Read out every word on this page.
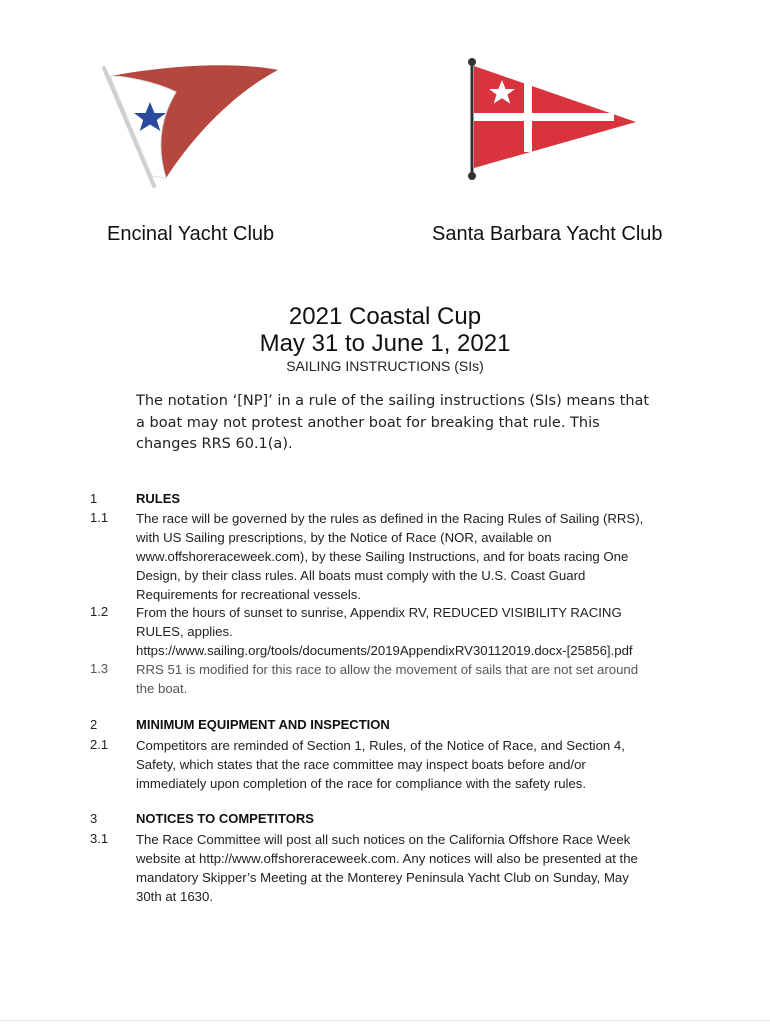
Encinal Yacht Club	Santa Barbara Yacht Club
2021 Coastal Cup
May 31 to June 1, 2021
SAILING INSTRUCTIONS (SIs)
The notation ‘[NP]’ in a rule of the sailing instructions (SIs) means that
a boat may not protest another boat for breaking that rule. This
changes RRS 60.1(a).
1	RULES
1.1 The race will be governed by the rules as defined in the Racing Rules of Sailing (RRS),
with US Sailing prescriptions, by the Notice of Race (NOR, available on
www.offshoreraceweek.com), by these Sailing Instructions, and for boats racing One
Design, by their class rules. All boats must comply with the U.S. Coast Guard
Requirements for recreational vessels.
1.2 From the hours of sunset to sunrise, Appendix RV, REDUCED VISIBILITY RACING
RULES, applies.
https://www.sailing.org/tools/documents/2019AppendixRV30112019.docx-[25856].pdf
1.3 RRS 51 is modified for this race to allow the movement of sails that are not set around
the boat.
2	MINIMUM EQUIPMENT AND INSPECTION
2.1 Competitors are reminded of Section 1, Rules, of the Notice of Race, and Section 4,
Safety, which states that the race committee may inspect boats before and/or
immediately upon completion of the race for compliance with the safety rules.
3	NOTICES TO COMPETITORS
3.1 The Race Committee will post all such notices on the California Offshore Race Week
website at http://www.offshoreraceweek.com. Any notices will also be presented at the
mandatory Skipper’s Meeting at the Monterey Peninsula Yacht Club on Sunday, May
30th at 1630.
